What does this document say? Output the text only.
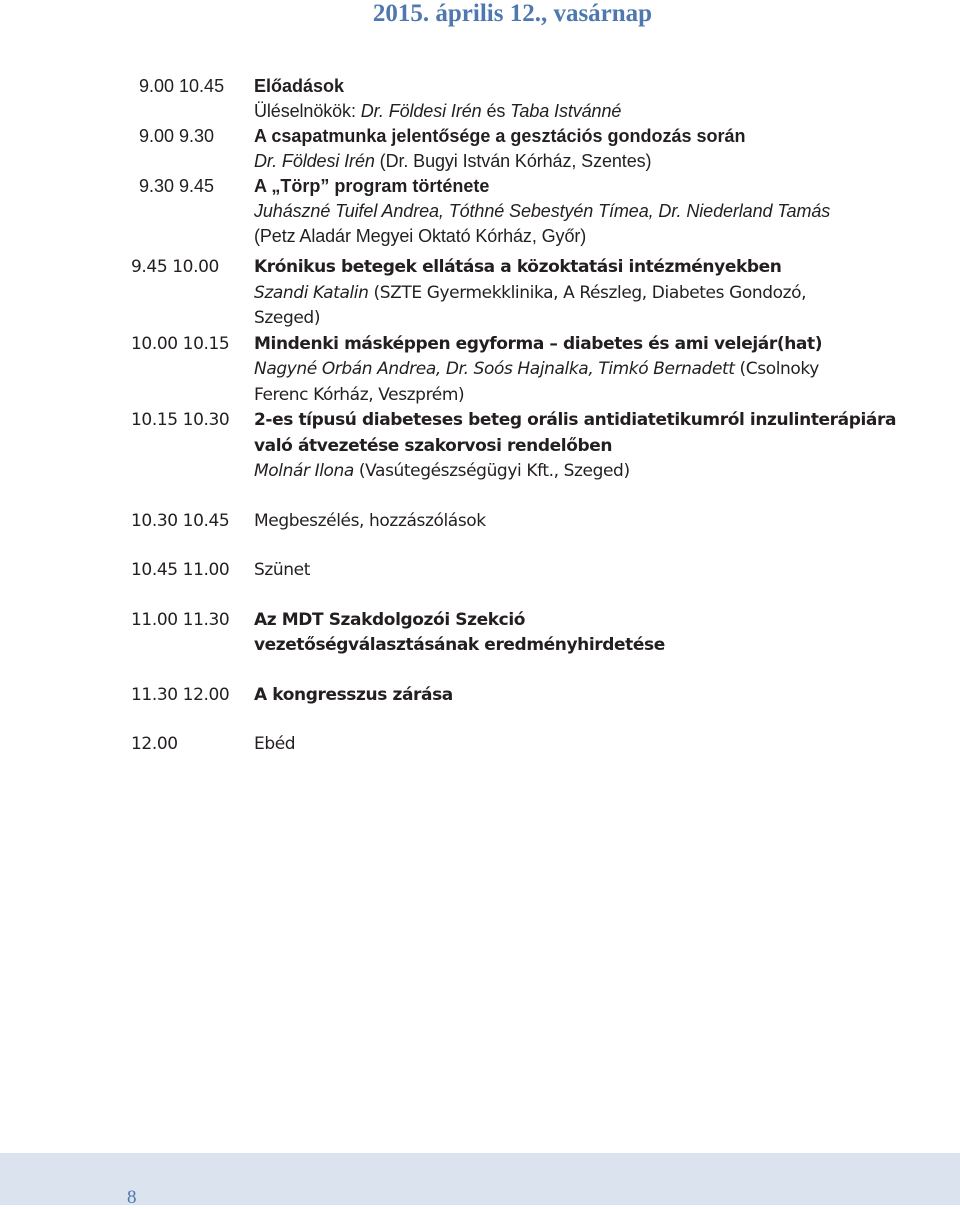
2015. április 12., vasárnap
9.00 10.45 Előadások
Üléselnökök: Dr. Földesi Irén és Taba Istvánné
9.00 9.30 A csapatmunka jelentősége a gesztációs gondozás során
Dr. Földesi Irén (Dr. Bugyi István Kórház, Szentes)
9.30 9.45 A „Törp” program története
Juhászné Tuifel Andrea, Tóthné Sebestyén Tímea, Dr. Niederland Tamás
(Petz Aladár Megyei Oktató Kórház, Győr)
9.45 10.00 Krónikus betegek ellátása a közoktatási intézményekben
Szandi Katalin (SZTE Gyermekklinika, A Részleg, Diabetes Gondozó,
Szeged)
10.00 10.15 Mindenki másképpen egyforma – diabetes és ami velejár(hat)
Nagyné Orbán Andrea, Dr. Soós Hajnalka, Timkó Bernadett (Csolnoky
Ferenc Kórház, Veszprém)
10.15 10.30 2-es típusú diabeteses beteg orális antidiatetikumról inzulinterápiára
való átvezetése szakorvosi rendelőben
Molnár Ilona (Vasútegészségügyi Kft., Szeged)
10.30 10.45 Megbeszélés, hozzászólások
10.45 11.00 Szünet
11.00 11.30 Az MDT Szakdolgozói Szekció
vezetőségválasztásának eredményhirdetése
11.30 12.00 A kongresszus zárása
12.00	Ebéd
8
